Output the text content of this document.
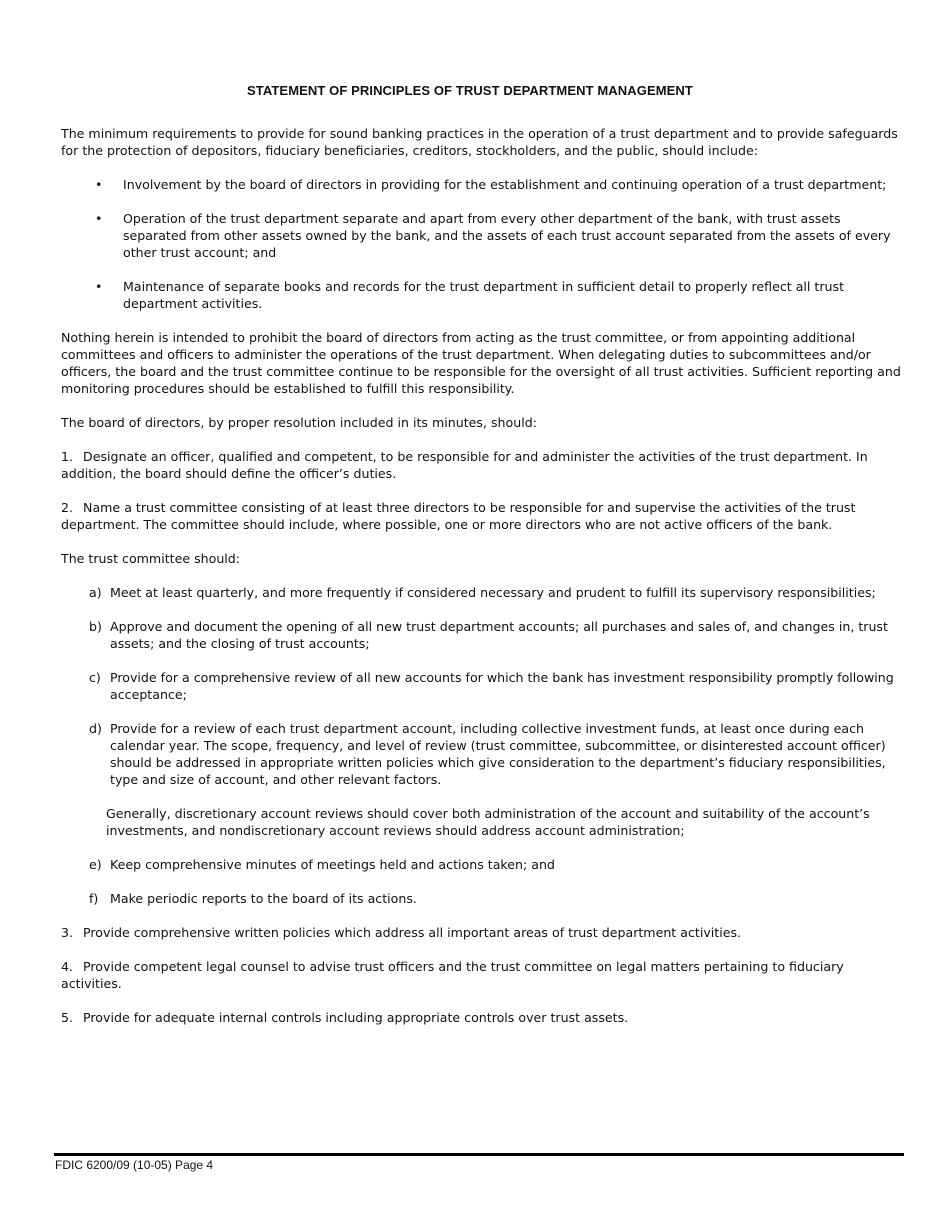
STATEMENT OF PRINCIPLES OF TRUST DEPARTMENT MANAGEMENT

The minimum requirements to provide for sound banking practices in the operation of a trust department and to provide safeguards for the protection of depositors, fiduciary beneficiaries, creditors, stockholders, and the public, should include:

• Involvement by the board of directors in providing for the establishment and continuing operation of a trust department;
• Operation of the trust department separate and apart from every other department of the bank, with trust assets separated from other assets owned by the bank, and the assets of each trust account separated from the assets of every other trust account; and
• Maintenance of separate books and records for the trust department in sufficient detail to properly reflect all trust department activities.

Nothing herein is intended to prohibit the board of directors from acting as the trust committee, or from appointing additional committees and officers to administer the operations of the trust department. When delegating duties to subcommittees and/or officers, the board and the trust committee continue to be responsible for the oversight of all trust activities. Sufficient reporting and monitoring procedures should be established to fulfill this responsibility.

The board of directors, by proper resolution included in its minutes, should:

1. Designate an officer, qualified and competent, to be responsible for and administer the activities of the trust department. In addition, the board should define the officer’s duties.

2. Name a trust committee consisting of at least three directors to be responsible for and supervise the activities of the trust department. The committee should include, where possible, one or more directors who are not active officers of the bank.

The trust committee should:

a) Meet at least quarterly, and more frequently if considered necessary and prudent to fulfill its supervisory responsibilities;
b) Approve and document the opening of all new trust department accounts; all purchases and sales of, and changes in, trust assets; and the closing of trust accounts;
c) Provide for a comprehensive review of all new accounts for which the bank has investment responsibility promptly following acceptance;
d) Provide for a review of each trust department account, including collective investment funds, at least once during each calendar year. The scope, frequency, and level of review (trust committee, subcommittee, or disinterested account officer) should be addressed in appropriate written policies which give consideration to the department’s fiduciary responsibilities, type and size of account, and other relevant factors.

Generally, discretionary account reviews should cover both administration of the account and suitability of the account’s investments, and nondiscretionary account reviews should address account administration;

e) Keep comprehensive minutes of meetings held and actions taken; and
f) Make periodic reports to the board of its actions.

3. Provide comprehensive written policies which address all important areas of trust department activities.

4. Provide competent legal counsel to advise trust officers and the trust committee on legal matters pertaining to fiduciary activities.

5. Provide for adequate internal controls including appropriate controls over trust assets.

FDIC 6200/09 (10-05) Page 4
